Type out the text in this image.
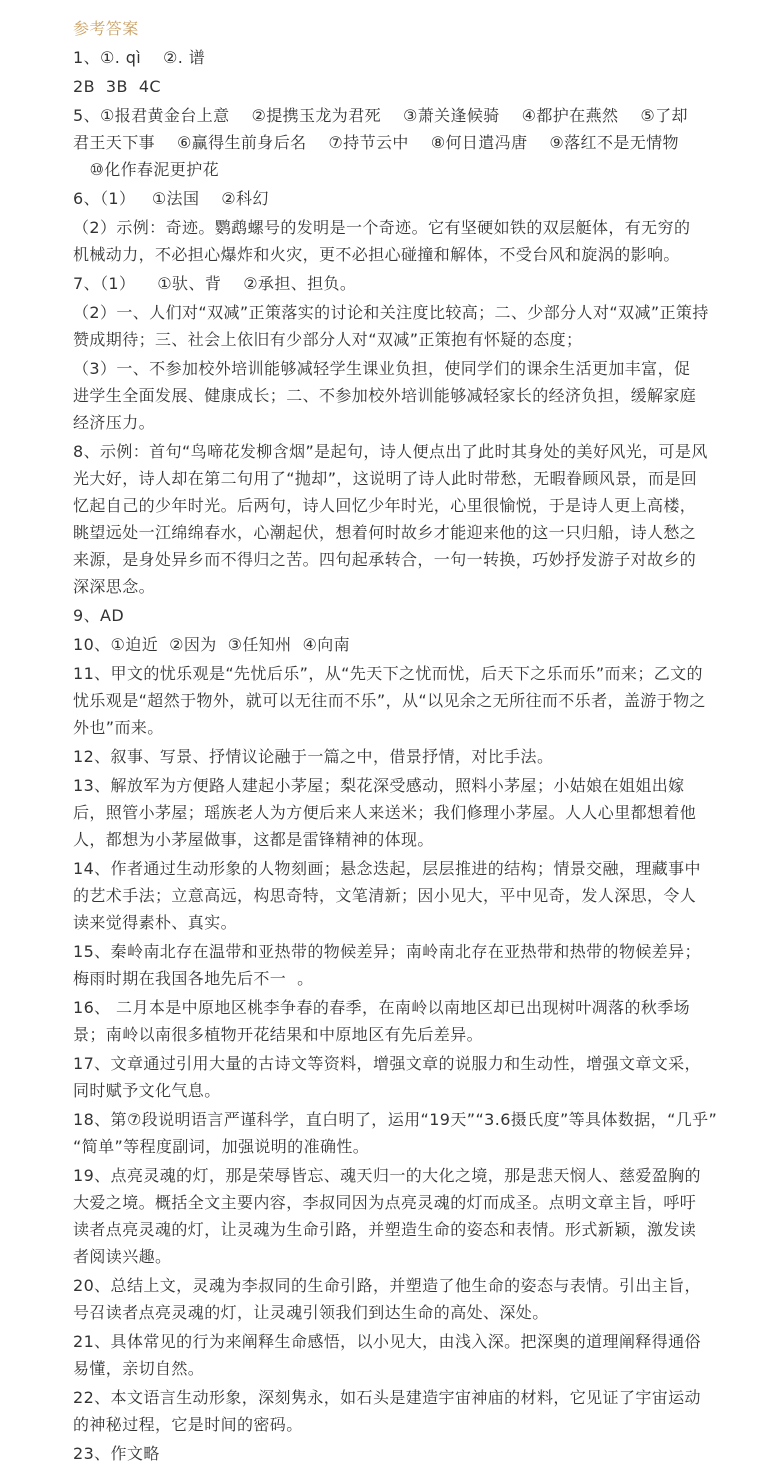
参考答案
1、①. qì    ②. 谱
2B  3B  4C
5、①报君黄金台上意    ②提携玉龙为君死    ③萧关逢候骑    ④都护在燕然    ⑤了却
君王天下事    ⑥赢得生前身后名    ⑦持节云中    ⑧何日遣冯唐    ⑨落红不是无情物
⑩化作春泥更护花
6、（1）   ①法国    ②科幻
（2）示例：奇迹。鹦鹉螺号的发明是一个奇迹。它有坚硬如铁的双层艇体，有无穷的
机械动力，不必担心爆炸和火灾，更不必担心碰撞和解体，不受台风和旋涡的影响。
7、（1）    ①驮、背    ②承担、担负。
（2）一、人们对“双减”正策落实的讨论和关注度比较高；二、少部分人对“双减”正策持
赞成期待；三、社会上依旧有少部分人对“双减”正策抱有怀疑的态度；
（3）一、不参加校外培训能够减轻学生课业负担，使同学们的课余生活更加丰富，促
进学生全面发展、健康成长；二、不参加校外培训能够减轻家长的经济负担，缓解家庭
经济压力。
8、示例：首句“鸟啼花发柳含烟”是起句，诗人便点出了此时其身处的美好风光，可是风
光大好，诗人却在第二句用了“抛却”，这说明了诗人此时带愁，无暇眷顾风景，而是回
忆起自己的少年时光。后两句，诗人回忆少年时光，心里很愉悦，于是诗人更上高楼，
眺望远处一江绵绵春水，心潮起伏，想着何时故乡才能迎来他的这一只归船，诗人愁之
来源，是身处异乡而不得归之苦。四句起承转合，一句一转换，巧妙抒发游子对故乡的
深深思念。
9、AD
10、①迫近  ②因为  ③任知州  ④向南
11、甲文的忧乐观是“先忧后乐”，从“先天下之忧而忧，后天下之乐而乐”而来；乙文的
忧乐观是“超然于物外，就可以无往而不乐”，从“以见余之无所往而不乐者，盖游于物之
外也”而来。
12、叙事、写景、抒情议论融于一篇之中，借景抒情，对比手法。
13、解放军为方便路人建起小茅屋；梨花深受感动，照料小茅屋；小姑娘在姐姐出嫁
后，照管小茅屋；瑶族老人为方便后来人来送米；我们修理小茅屋。人人心里都想着他
人，都想为小茅屋做事，这都是雷锋精神的体现。
14、作者通过生动形象的人物刻画；悬念迭起，层层推进的结构；情景交融，理藏事中
的艺术手法；立意高远，构思奇特，文笔清新；因小见大，平中见奇，发人深思，令人
读来觉得素朴、真实。
15、秦岭南北存在温带和亚热带的物候差异；南岭南北存在亚热带和热带的物候差异；
梅雨时期在我国各地先后不一  。
16、 二月本是中原地区桃李争春的春季，在南岭以南地区却已出现树叶凋落的秋季场
景；南岭以南很多植物开花结果和中原地区有先后差异。
17、文章通过引用大量的古诗文等资料，增强文章的说服力和生动性，增强文章文采，
同时赋予文化气息。
18、第⑦段说明语言严谨科学，直白明了，运用“19天”“3.6摄氏度”等具体数据，“几乎”
“简单”等程度副词，加强说明的准确性。
19、点亮灵魂的灯，那是荣辱皆忘、魂天归一的大化之境，那是悲天悯人、慈爱盈胸的
大爱之境。概括全文主要内容，李叔同因为点亮灵魂的灯而成圣。点明文章主旨，呼吁
读者点亮灵魂的灯，让灵魂为生命引路，并塑造生命的姿态和表情。形式新颖，激发读
者阅读兴趣。
20、总结上文，灵魂为李叔同的生命引路，并塑造了他生命的姿态与表情。引出主旨，
号召读者点亮灵魂的灯，让灵魂引领我们到达生命的高处、深处。
21、具体常见的行为来阐释生命感悟，以小见大，由浅入深。把深奥的道理阐释得通俗
易懂，亲切自然。
22、本文语言生动形象，深刻隽永，如石头是建造宇宙神庙的材料，它见证了宇宙运动
的神秘过程，它是时间的密码。
23、作文略
